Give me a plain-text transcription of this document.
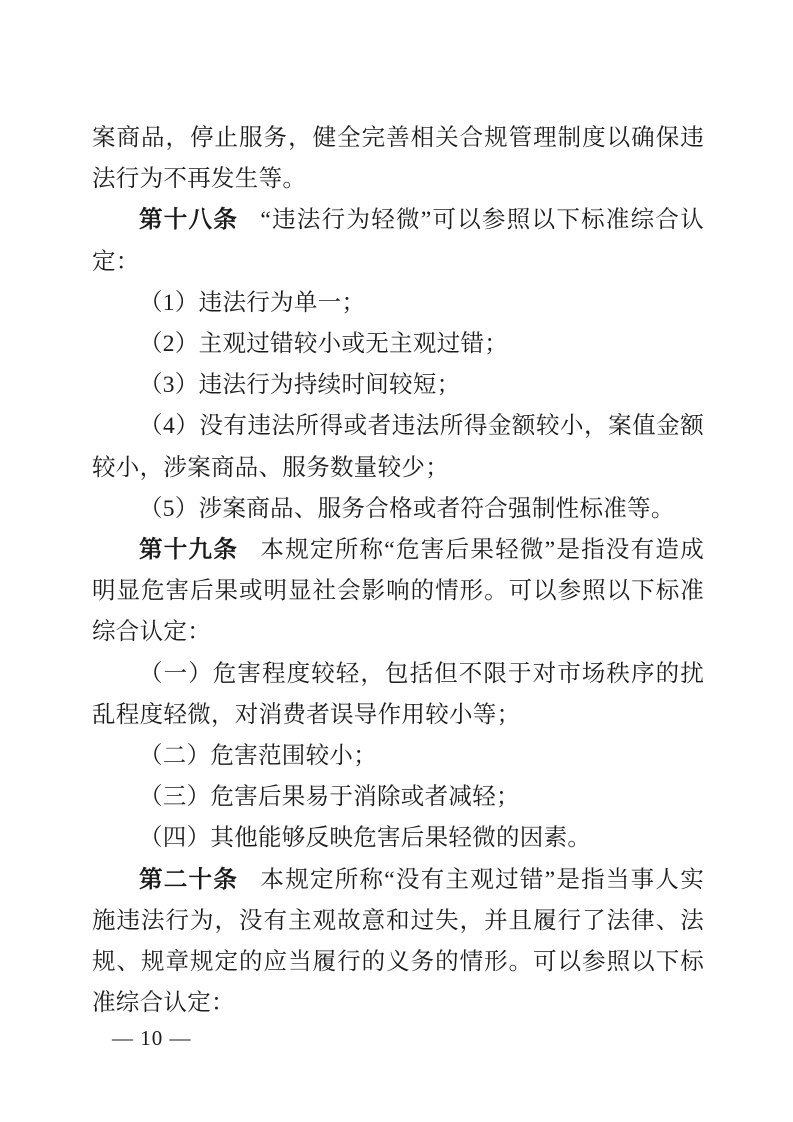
案商品，停止服务，健全完善相关合规管理制度以确保违法行为不再发生等。

第十八条 “违法行为轻微”可以参照以下标准综合认定：

（1）违法行为单一；

（2）主观过错较小或无主观过错；

（3）违法行为持续时间较短；

（4）没有违法所得或者违法所得金额较小，案值金额较小，涉案商品、服务数量较少；

（5）涉案商品、服务合格或者符合强制性标准等。

第十九条 本规定所称“危害后果轻微”是指没有造成明显危害后果或明显社会影响的情形。可以参照以下标准综合认定：

（一）危害程度较轻，包括但不限于对市场秩序的扰乱程度轻微，对消费者误导作用较小等；

（二）危害范围较小；

（三）危害后果易于消除或者减轻；

（四）其他能够反映危害后果轻微的因素。

第二十条 本规定所称“没有主观过错”是指当事人实施违法行为，没有主观故意和过失，并且履行了法律、法规、规章规定的应当履行的义务的情形。可以参照以下标准综合认定：

— 10 —
